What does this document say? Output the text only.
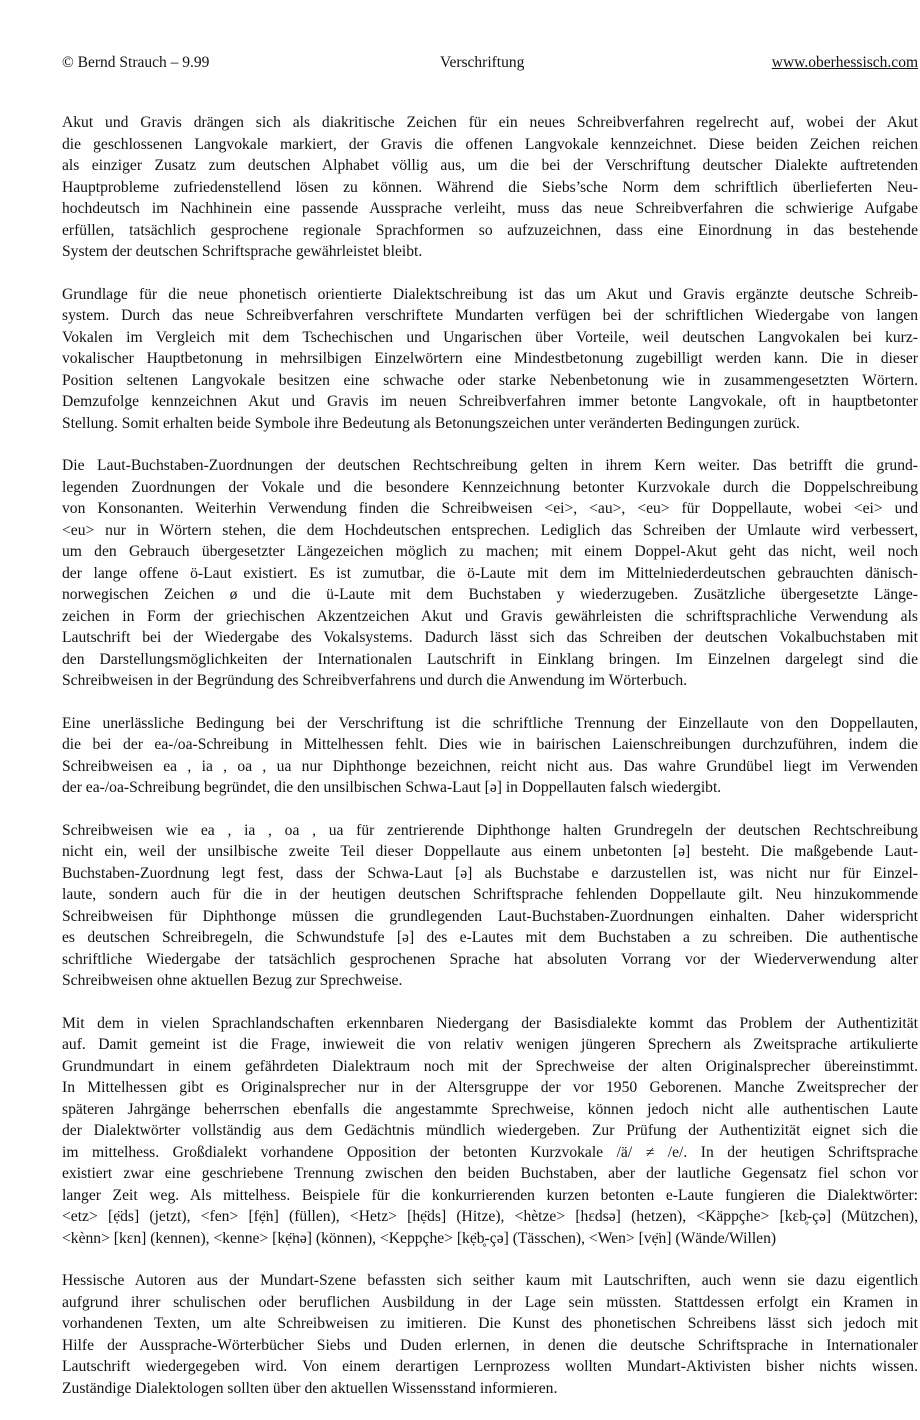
© Bernd Strauch – 9.99	Verschriftung	www.oberhessisch.com

Akut und Gravis drängen sich als diakritische Zeichen für ein neues Schreibverfahren regelrecht auf, wobei der Akut
die geschlossenen Langvokale markiert, der Gravis die offenen Langvokale kennzeichnet. Diese beiden Zeichen reichen
als einziger Zusatz zum deutschen Alphabet völlig aus, um die bei der Verschriftung deutscher Dialekte auftretenden
Hauptprobleme zufriedenstellend lösen zu können. Während die Siebs’sche Norm dem schriftlich überlieferten Neu-
hochdeutsch im Nachhinein eine passende Aussprache verleiht, muss das neue Schreibverfahren die schwierige Aufgabe
erfüllen, tatsächlich gesprochene regionale Sprachformen so aufzuzeichnen, dass eine Einordnung in das bestehende
System der deutschen Schriftsprache gewährleistet bleibt.

Grundlage für die neue phonetisch orientierte Dialektschreibung ist das um Akut und Gravis ergänzte deutsche Schreib-
system. Durch das neue Schreibverfahren verschriftete Mundarten verfügen bei der schriftlichen Wiedergabe von langen
Vokalen im Vergleich mit dem Tschechischen und Ungarischen über Vorteile, weil deutschen Langvokalen bei kurz-
vokalischer Hauptbetonung in mehrsilbigen Einzelwörtern eine Mindestbetonung zugebilligt werden kann. Die in dieser
Position seltenen Langvokale besitzen eine schwache oder starke Nebenbetonung wie in zusammengesetzten Wörtern.
Demzufolge kennzeichnen Akut und Gravis im neuen Schreibverfahren immer betonte Langvokale, oft in hauptbetonter
Stellung. Somit erhalten beide Symbole ihre Bedeutung als Betonungszeichen unter veränderten Bedingungen zurück.

Die Laut-Buchstaben-Zuordnungen der deutschen Rechtschreibung gelten in ihrem Kern weiter. Das betrifft die grund-
legenden Zuordnungen der Vokale und die besondere Kennzeichnung betonter Kurzvokale durch die Doppelschreibung
von Konsonanten. Weiterhin Verwendung finden die Schreibweisen <ei>, <au>, <eu> für Doppellaute, wobei <ei> und
<eu> nur in Wörtern stehen, die dem Hochdeutschen entsprechen. Lediglich das Schreiben der Umlaute wird verbessert,
um den Gebrauch übergesetzter Längezeichen möglich zu machen; mit einem Doppel-Akut geht das nicht, weil noch
der lange offene ö-Laut existiert. Es ist zumutbar, die ö-Laute mit dem im Mittelniederdeutschen gebrauchten dänisch-
norwegischen Zeichen ø und die ü-Laute mit dem Buchstaben y wiederzugeben. Zusätzliche übergesetzte Länge-
zeichen in Form der griechischen Akzentzeichen Akut und Gravis gewährleisten die schriftsprachliche Verwendung als
Lautschrift bei der Wiedergabe des Vokalsystems. Dadurch lässt sich das Schreiben der deutschen Vokalbuchstaben mit
den Darstellungsmöglichkeiten der Internationalen Lautschrift in Einklang bringen. Im Einzelnen dargelegt sind die
Schreibweisen in der Begründung des Schreibverfahrens und durch die Anwendung im Wörterbuch.

Eine unerlässliche Bedingung bei der Verschriftung ist die schriftliche Trennung der Einzellaute von den Doppellauten,
die bei der ea-/oa-Schreibung in Mittelhessen fehlt. Dies wie in bairischen Laienschreibungen durchzuführen, indem die
Schreibweisen ea , ia , oa , ua nur Diphthonge bezeichnen, reicht nicht aus. Das wahre Grundübel liegt im Verwenden
der ea-/oa-Schreibung begründet, die den unsilbischen Schwa-Laut [ə] in Doppellauten falsch wiedergibt.

Schreibweisen wie ea , ia , oa , ua für zentrierende Diphthonge halten Grundregeln der deutschen Rechtschreibung
nicht ein, weil der unsilbische zweite Teil dieser Doppellaute aus einem unbetonten [ə] besteht. Die maßgebende Laut-
Buchstaben-Zuordnung legt fest, dass der Schwa-Laut [ə] als Buchstabe e darzustellen ist, was nicht nur für Einzel-
laute, sondern auch für die in der heutigen deutschen Schriftsprache fehlenden Doppellaute gilt. Neu hinzukommende
Schreibweisen für Diphthonge müssen die grundlegenden Laut-Buchstaben-Zuordnungen einhalten. Daher widerspricht
es deutschen Schreibregeln, die Schwundstufe [ə] des e-Lautes mit dem Buchstaben a zu schreiben. Die authentische
schriftliche Wiedergabe der tatsächlich gesprochenen Sprache hat absoluten Vorrang vor der Wiederverwendung alter
Schreibweisen ohne aktuellen Bezug zur Sprechweise.

Mit dem in vielen Sprachlandschaften erkennbaren Niedergang der Basisdialekte kommt das Problem der Authentizität
auf. Damit gemeint ist die Frage, inwieweit die von relativ wenigen jüngeren Sprechern als Zweitsprache artikulierte
Grundmundart in einem gefährdeten Dialektraum noch mit der Sprechweise der alten Originalsprecher übereinstimmt.
In Mittelhessen gibt es Originalsprecher nur in der Altersgruppe der vor 1950 Geborenen. Manche Zweitsprecher der
späteren Jahrgänge beherrschen ebenfalls die angestammte Sprechweise, können jedoch nicht alle authentischen Laute
der Dialektwörter vollständig aus dem Gedächtnis mündlich wiedergeben. Zur Prüfung der Authentizität eignet sich die
im mittelhess. Großdialekt vorhandene Opposition der betonten Kurzvokale /ä/ ≠ /e/. In der heutigen Schriftsprache
existiert zwar eine geschriebene Trennung zwischen den beiden Buchstaben, aber der lautliche Gegensatz fiel schon vor
langer Zeit weg. Als mittelhess. Beispiele für die konkurrierenden kurzen betonten e-Laute fungieren die Dialektwörter:
<etz> [ẹ̈ds] (jetzt), <fen> [fẹ̈n] (füllen), <Hetz> [hẹ̈ds] (Hitze), <hètze> [hɛdsə] (hetzen), <Käppçhe> [kɛb̥-çə] (Mützchen),
<kènn> [kɛn] (kennen), <kenne> [kẹ̈nə] (können), <Keppçhe> [kẹ̈b̥-çə] (Tässchen), <Wen> [vẹ̈n] (Wände/Willen)

Hessische Autoren aus der Mundart-Szene befassten sich seither kaum mit Lautschriften, auch wenn sie dazu eigentlich
aufgrund ihrer schulischen oder beruflichen Ausbildung in der Lage sein müssten. Stattdessen erfolgt ein Kramen in
vorhandenen Texten, um alte Schreibweisen zu imitieren. Die Kunst des phonetischen Schreibens lässt sich jedoch mit
Hilfe der Aussprache-Wörterbücher Siebs und Duden erlernen, in denen die deutsche Schriftsprache in Internationaler
Lautschrift wiedergegeben wird. Von einem derartigen Lernprozess wollten Mundart-Aktivisten bisher nichts wissen.
Zuständige Dialektologen sollten über den aktuellen Wissensstand informieren.
